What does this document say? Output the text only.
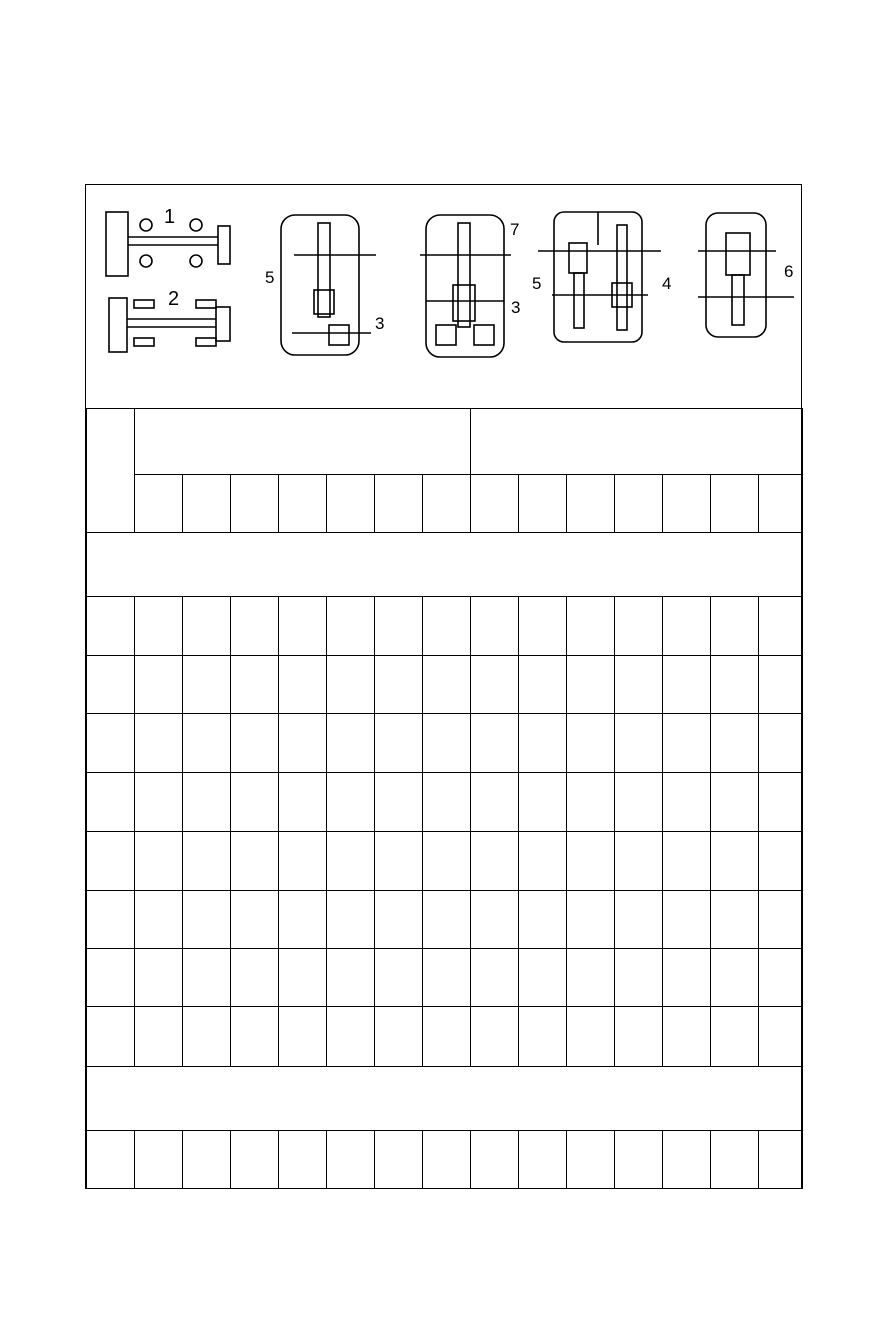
1
2
5
3
7
3
5	4
6
